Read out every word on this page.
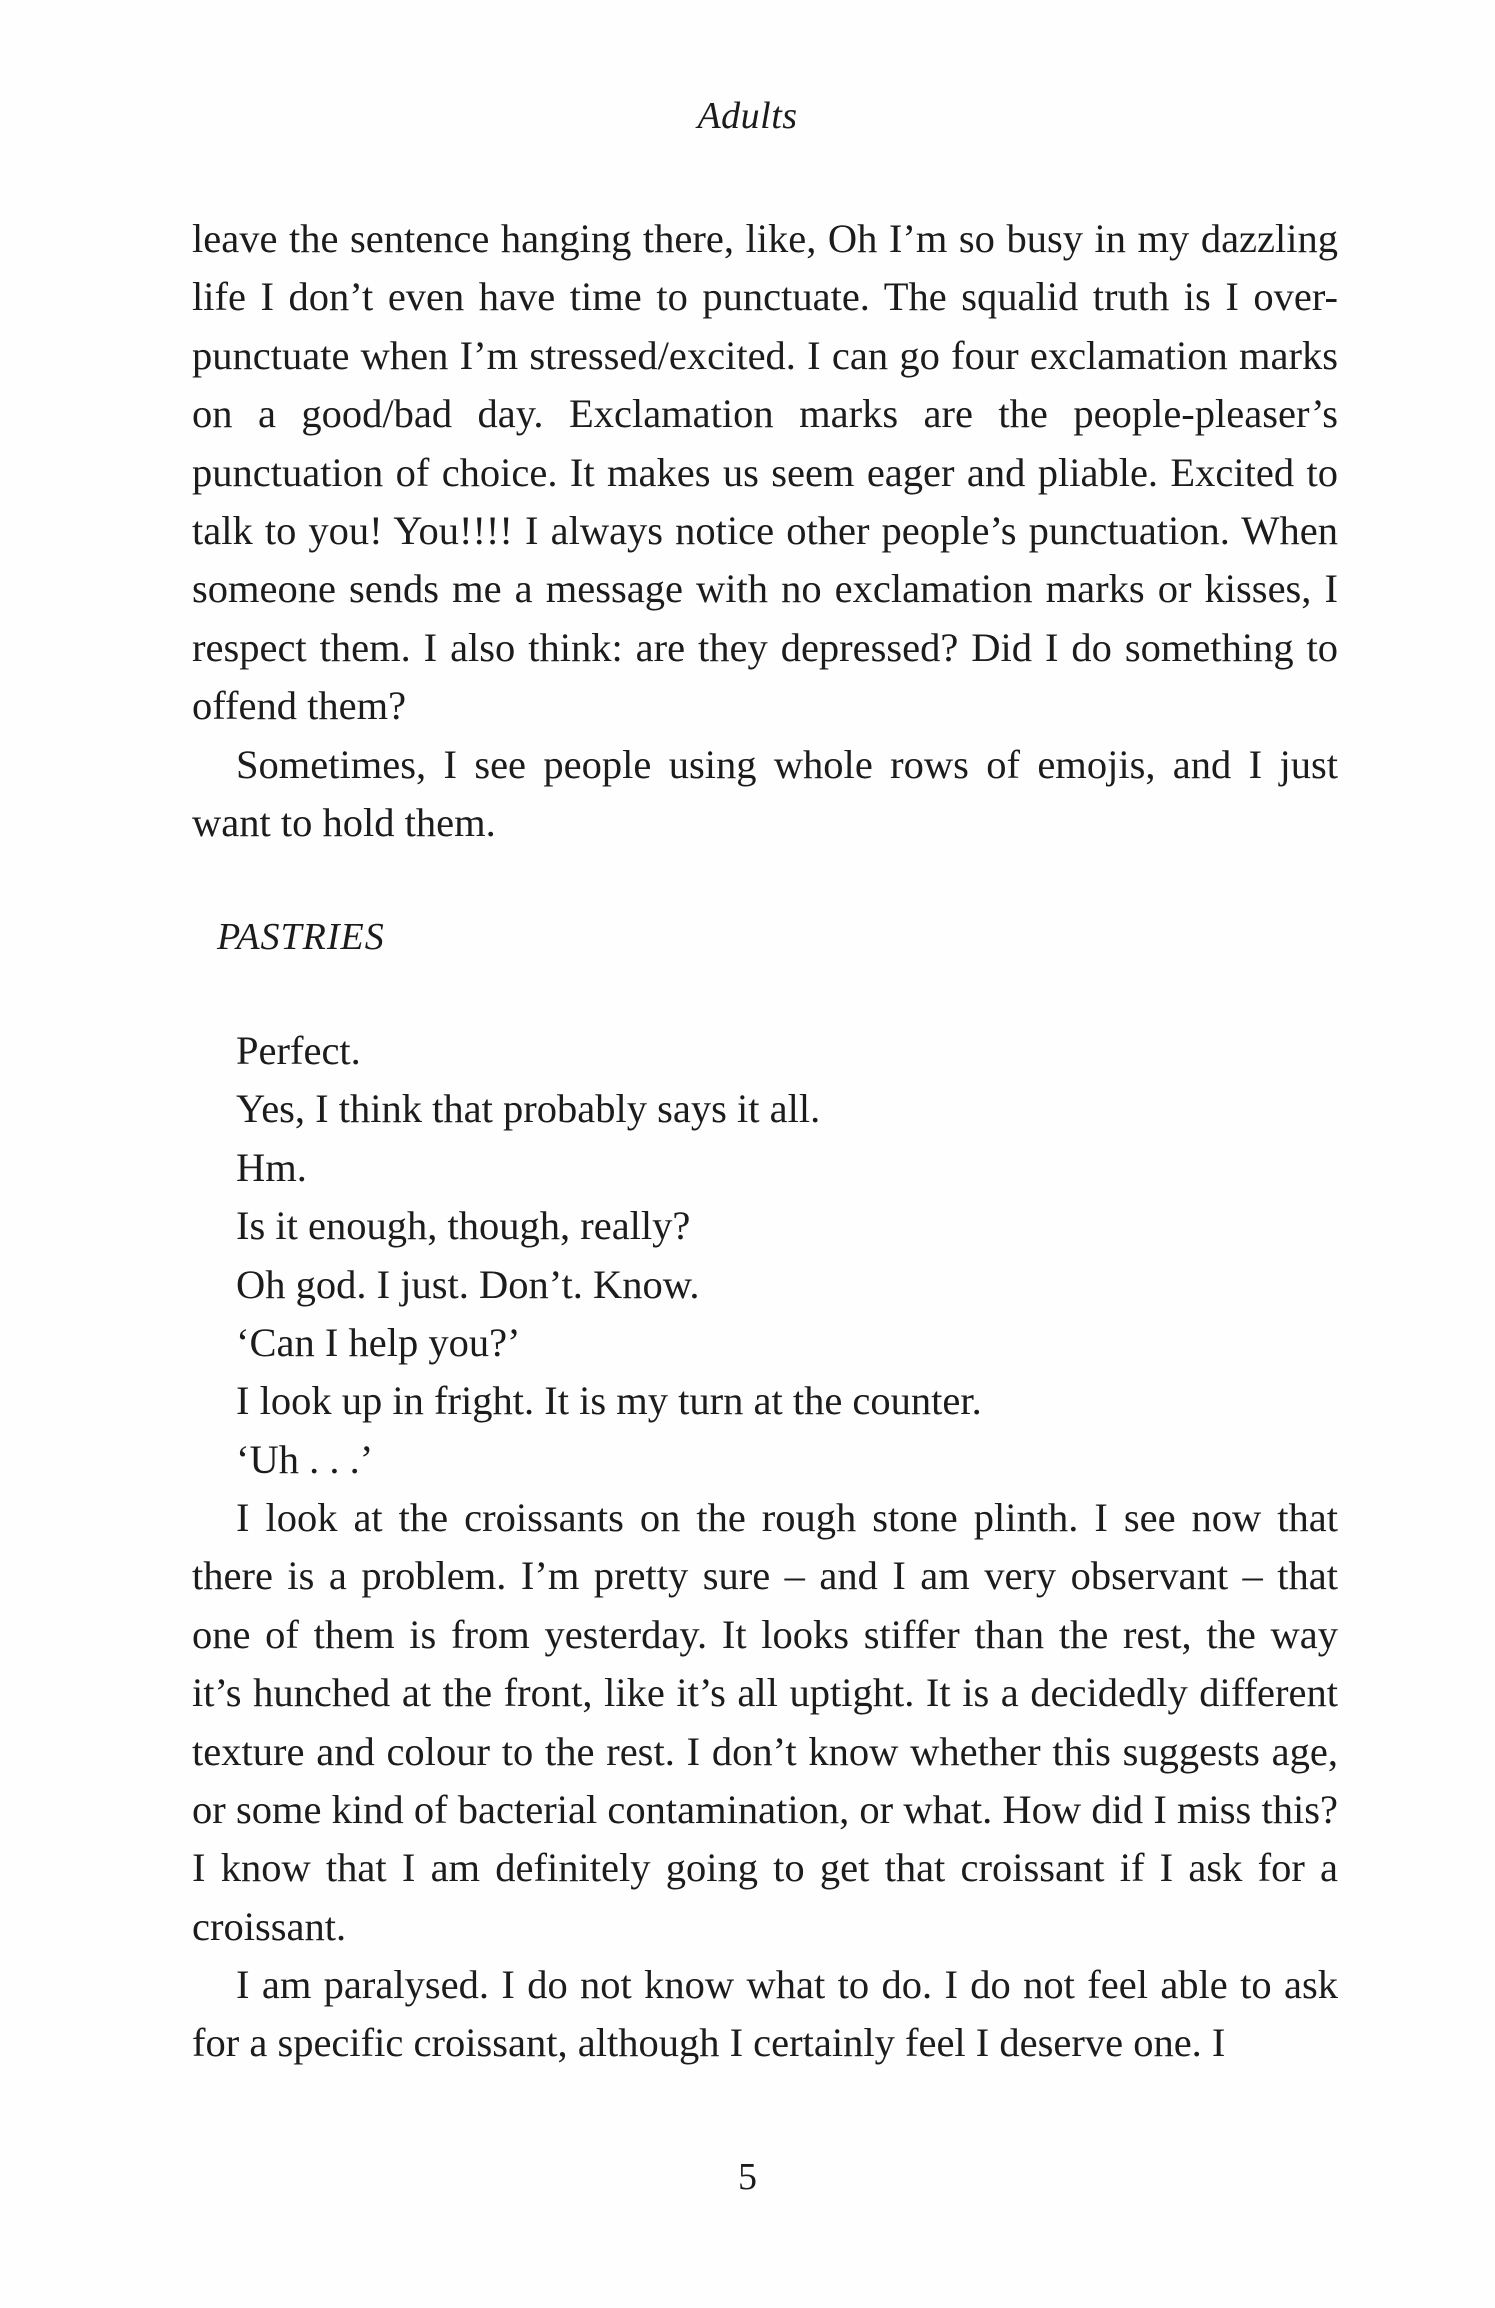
Adults

leave the sentence hanging there, like, Oh I’m so busy in my dazzling life I don’t even have time to punctuate. The squalid truth is I over-punctuate when I’m stressed/excited. I can go four exclamation marks on a good/bad day. Exclamation marks are the people-pleaser’s punctuation of choice. It makes us seem eager and pliable. Excited to talk to you! You!!!! I always notice other people’s punctuation. When someone sends me a message with no exclamation marks or kisses, I respect them. I also think: are they depressed? Did I do something to offend them?

Sometimes, I see people using whole rows of emojis, and I just want to hold them.

PASTRIES
Perfect.
Yes, I think that probably says it all.
Hm.
Is it enough, though, really?
Oh god. I just. Don’t. Know.
‘Can I help you?’
I look up in fright. It is my turn at the counter.
‘Uh . . .’

I look at the croissants on the rough stone plinth. I see now that there is a problem. I’m pretty sure – and I am very observant – that one of them is from yesterday. It looks stiffer than the rest, the way it’s hunched at the front, like it’s all uptight. It is a decidedly different texture and colour to the rest. I don’t know whether this suggests age, or some kind of bacterial contamination, or what. How did I miss this? I know that I am definitely going to get that croissant if I ask for a croissant.

I am paralysed. I do not know what to do. I do not feel able to ask for a specific croissant, although I certainly feel I deserve one. I

5
